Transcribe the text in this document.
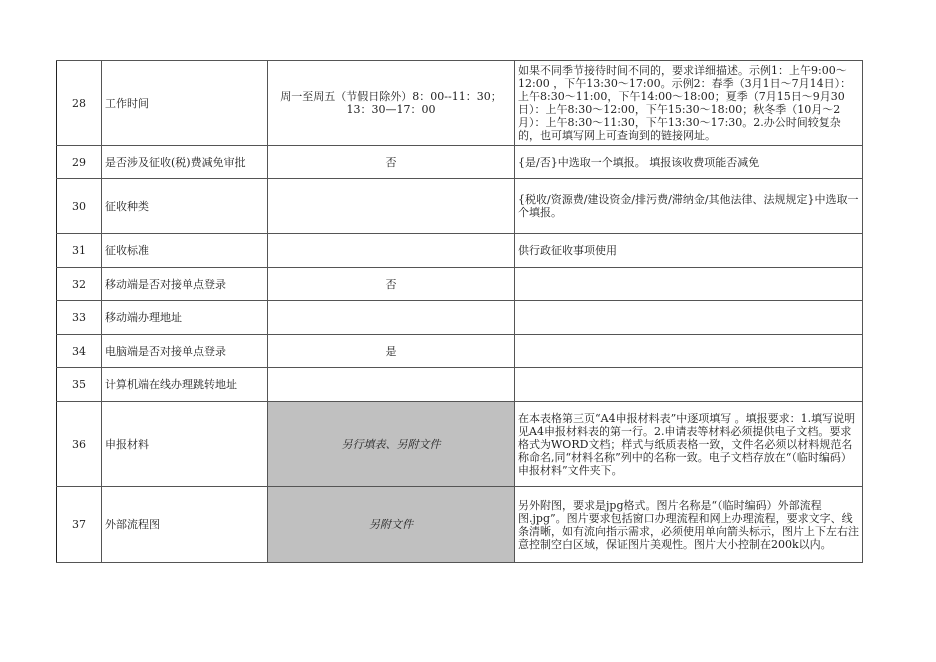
28	工作时间	周一至周五（节假日除外）8：00--11：30；13：30—17：00	如果不同季节接待时间不同的，要求详细描述。示例1：上午9:00～12:00 ，下午13:30～17:00。示例2：春季（3月1日～7月14日）：上午8:30～11:00，下午14:00～18:00；夏季（7月15日～9月30日）：上午8:30～12:00，下午15:30～18:00；秋冬季（10月～2月）：上午8:30～11:30，下午13:30～17:30。2.办公时间较复杂的，也可填写网上可查询到的链接网址。
29	是否涉及征收(税)费减免审批	否	{是/否}中选取一个填报。 填报该收费项能否减免
30	征收种类		{税收/资源费/建设资金/排污费/滞纳金/其他法律、法规规定}中选取一个填报。
31	征收标准		供行政征收事项使用
32	移动端是否对接单点登录	否	
33	移动端办理地址		
34	电脑端是否对接单点登录	是	
35	计算机端在线办理跳转地址		
36	申报材料	另行填表、另附文件	在本表格第三页“A4申报材料表”中逐项填写 。填报要求：1.填写说明见A4申报材料表的第一行。2.申请表等材料必须提供电子文档。要求格式为WORD文档；样式与纸质表格一致，文件名必须以材料规范名称命名,同“材料名称”列中的名称一致。电子文档存放在“（临时编码）申报材料”文件夹下。
37	外部流程图	另附文件	另外附图，要求是jpg格式。图片名称是“（临时编码）外部流程图.jpg”。图片要求包括窗口办理流程和网上办理流程，要求文字、线条清晰，如有流向指示需求，必须使用单向箭头标示，图片上下左右注意控制空白区域，保证图片美观性。图片大小控制在200k以内。
